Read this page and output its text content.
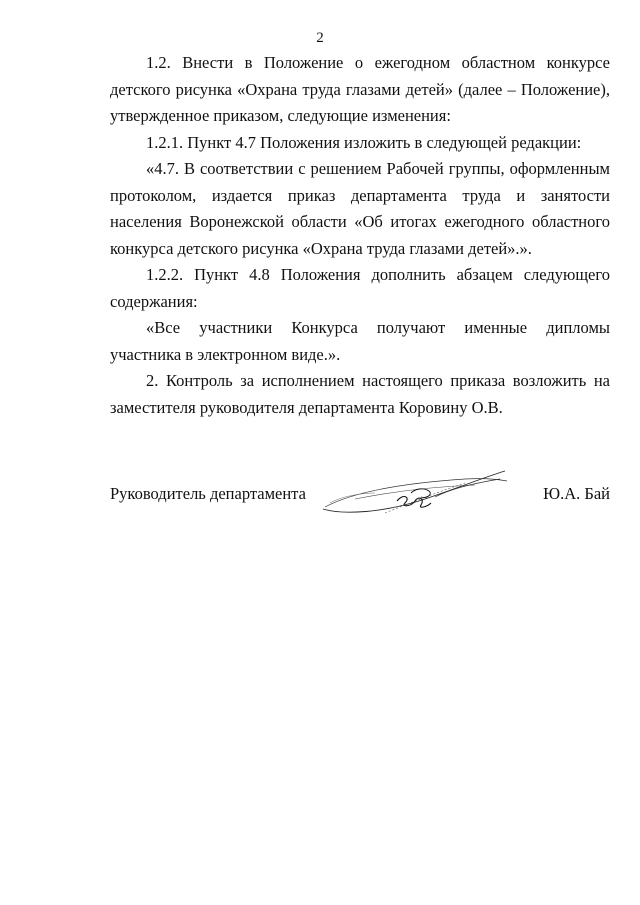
2

1.2. Внести в Положение о ежегодном областном конкурсе детского рисунка «Охрана труда глазами детей» (далее – Положение), утвержденное приказом, следующие изменения:

1.2.1. Пункт 4.7 Положения изложить в следующей редакции:

«4.7. В соответствии с решением Рабочей группы, оформленным протоколом, издается приказ департамента труда и занятости населения Воронежской области «Об итогах ежегодного областного конкурса детского рисунка «Охрана труда глазами детей».».

1.2.2. Пункт 4.8 Положения дополнить абзацем следующего содержания:

«Все участники Конкурса получают именные дипломы участника в электронном виде.».

2. Контроль за исполнением настоящего приказа возложить на заместителя руководителя департамента Коровину О.В.

Руководитель департамента	Ю.А. Бай
